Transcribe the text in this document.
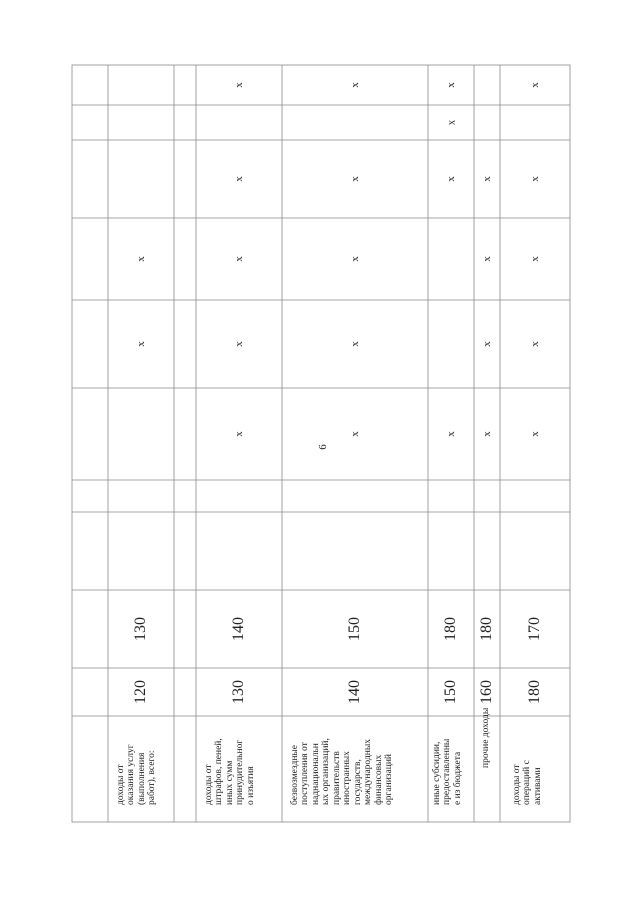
6
доходы от
оказания услуг
(выполнения
работ), всего:
120
130
x
x
доходы от
штрафов, пеней,
иных сумм
принудительног
о изъятия
130
140
x
x
x
x
x
безвозмездные
поступления от
наднациональн
ых организаций,
правительств
иностранных
государств,
международных
финансовых
организаций
140
150
x
x
x
x
x
иные субсидии,
предоставленны
е из бюджета
150
180
x
x
x
x
прочие доходы
160
180
x
x
x
x
доходы от
операций с
активами
180
170
x
x
x
x
x
